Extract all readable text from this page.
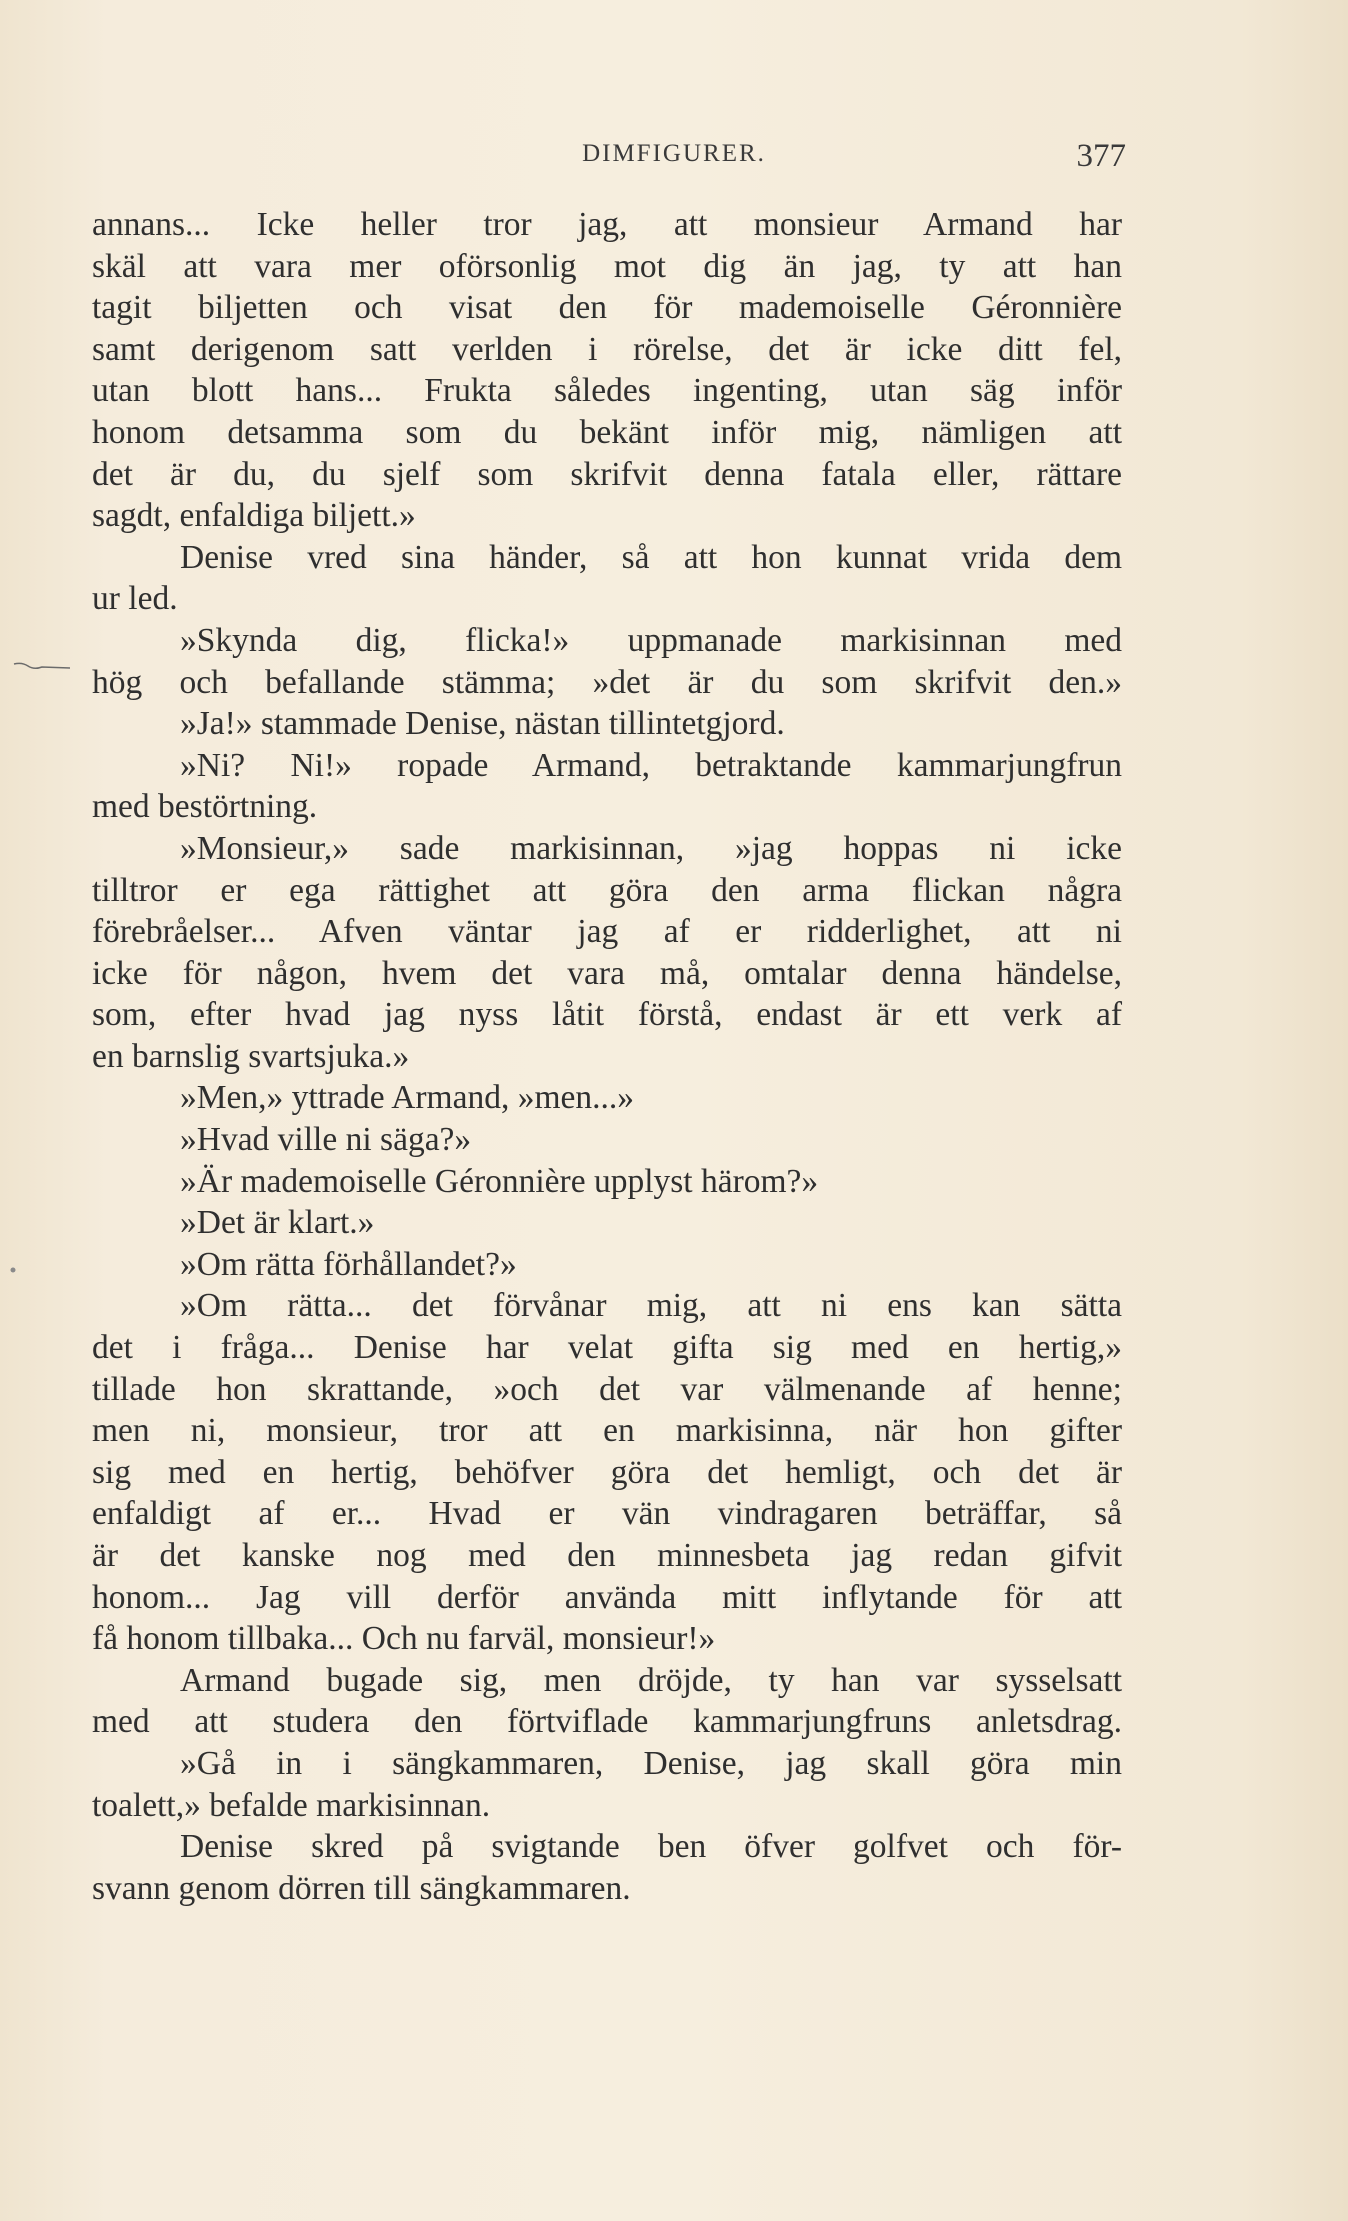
DIMFIGURER.	377
annans... Icke heller tror jag, att monsieur Armand har
skäl att vara mer oförsonlig mot dig än jag, ty att han
tagit biljetten och visat den för mademoiselle Géronnière
samt derigenom satt verlden i rörelse, det är icke ditt fel,
utan blott hans... Frukta således ingenting, utan säg inför
honom detsamma som du bekänt inför mig, nämligen att
det är du, du sjelf som skrifvit denna fatala eller, rättare
sagdt, enfaldiga biljett.»
Denise vred sina händer, så att hon kunnat vrida dem
ur led.
»Skynda dig, flicka!» uppmanade markisinnan med
hög och befallande stämma; »det är du som skrifvit den.»
»Ja!» stammade Denise, nästan tillintetgjord.
»Ni? Ni!» ropade Armand, betraktande kammarjungfrun
med bestörtning.
»Monsieur,» sade markisinnan, »jag hoppas ni icke
tilltror er ega rättighet att göra den arma flickan några
förebråelser... Afven väntar jag af er ridderlighet, att ni
icke för någon, hvem det vara må, omtalar denna händelse,
som, efter hvad jag nyss låtit förstå, endast är ett verk af
en barnslig svartsjuka.»
»Men,» yttrade Armand, »men...»
»Hvad ville ni säga?»
»Är mademoiselle Géronnière upplyst härom?»
»Det är klart.»
»Om rätta förhållandet?»
»Om rätta... det förvånar mig, att ni ens kan sätta
det i fråga... Denise har velat gifta sig med en hertig,»
tillade hon skrattande, »och det var välmenande af henne;
men ni, monsieur, tror att en markisinna, när hon gifter
sig med en hertig, behöfver göra det hemligt, och det är
enfaldigt af er... Hvad er vän vindragaren beträffar, så
är det kanske nog med den minnesbeta jag redan gifvit
honom... Jag vill derför använda mitt inflytande för att
få honom tillbaka... Och nu farväl, monsieur!»
Armand bugade sig, men dröjde, ty han var sysselsatt
med att studera den förtviflade kammarjungfruns anletsdrag.
»Gå in i sängkammaren, Denise, jag skall göra min
toalett,» befalde markisinnan.
Denise skred på svigtande ben öfver golfvet och för-
svann genom dörren till sängkammaren.
